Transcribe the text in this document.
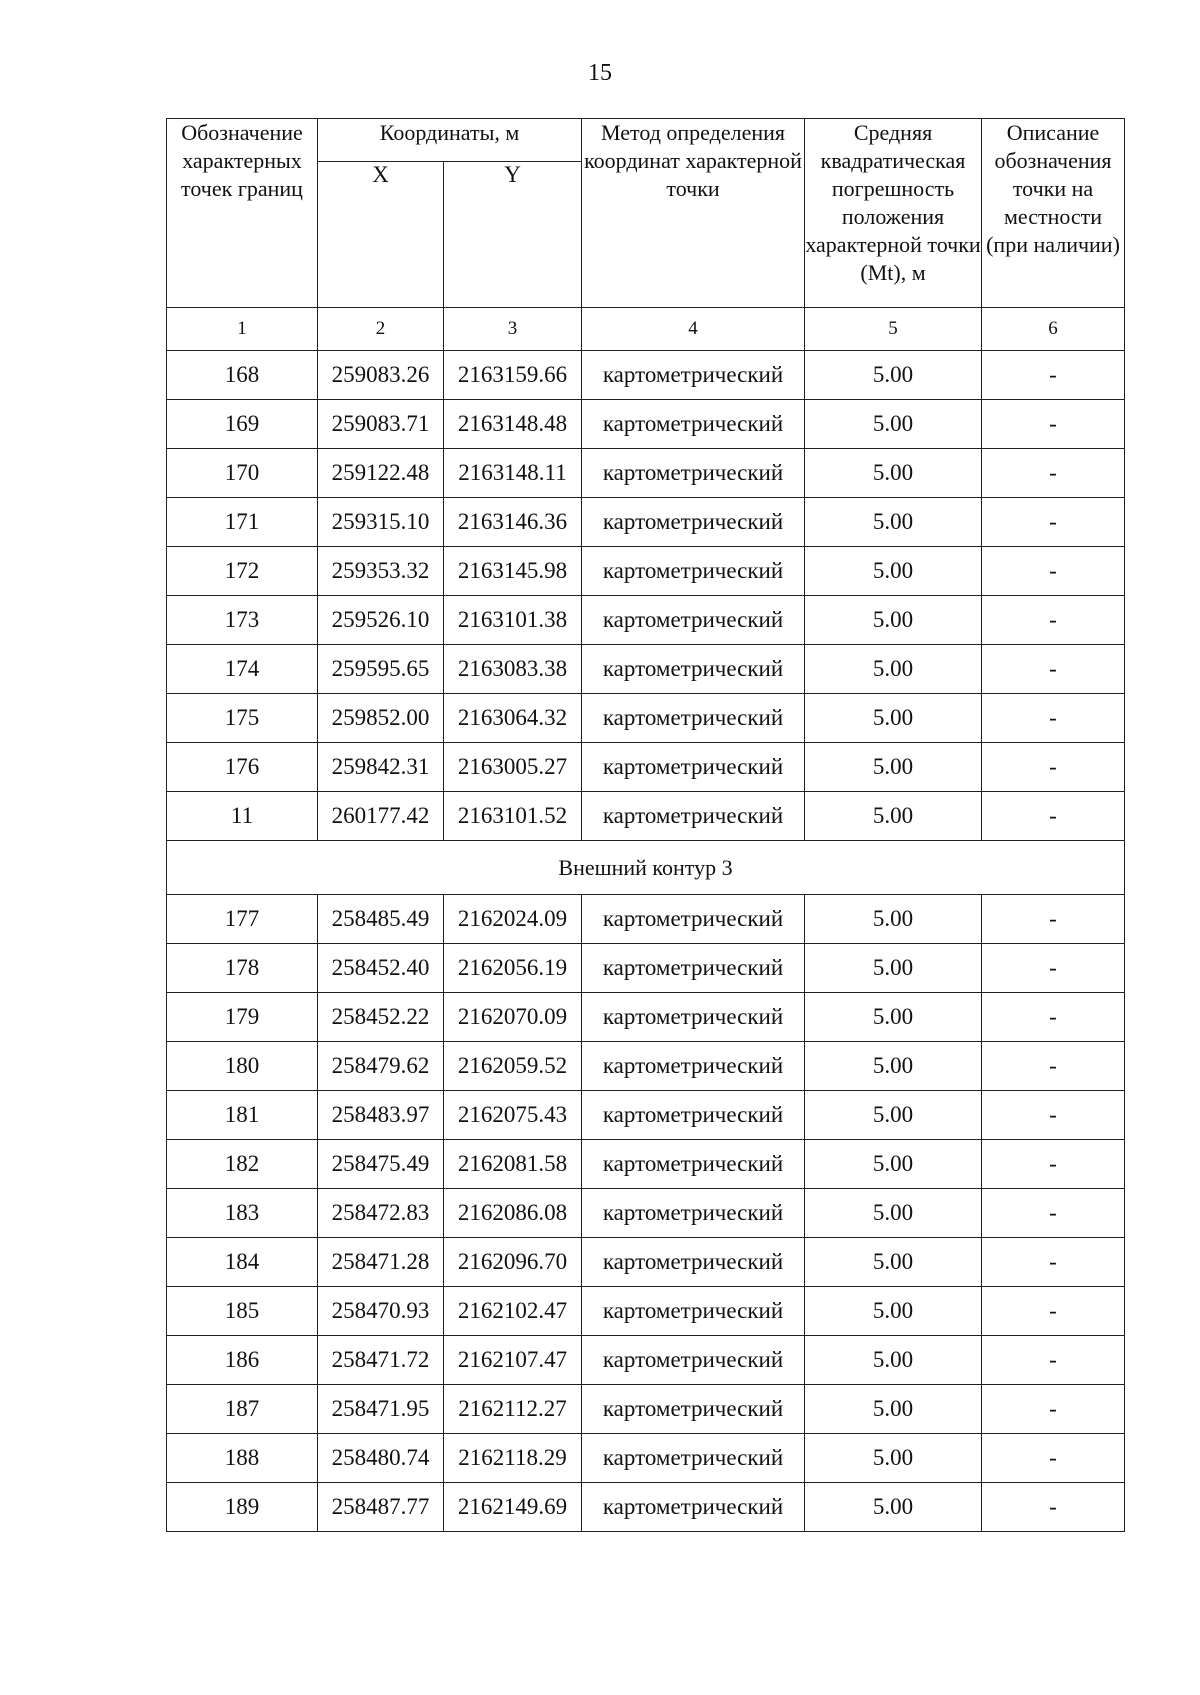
15
Обозначение характерных точек границ	Координаты, м		Метод определения координат характерной точки	Средняя квадратическая погрешность положения характерной точки (Mt), м	Описание обозначения точки на местности (при наличии)
	X	Y			
1	2	3	4	5	6
168	259083.26	2163159.66	картометрический	5.00	-
169	259083.71	2163148.48	картометрический	5.00	-
170	259122.48	2163148.11	картометрический	5.00	-
171	259315.10	2163146.36	картометрический	5.00	-
172	259353.32	2163145.98	картометрический	5.00	-
173	259526.10	2163101.38	картометрический	5.00	-
174	259595.65	2163083.38	картометрический	5.00	-
175	259852.00	2163064.32	картометрический	5.00	-
176	259842.31	2163005.27	картометрический	5.00	-
11	260177.42	2163101.52	картометрический	5.00	-
Внешний контур 3					
177	258485.49	2162024.09	картометрический	5.00	-
178	258452.40	2162056.19	картометрический	5.00	-
179	258452.22	2162070.09	картометрический	5.00	-
180	258479.62	2162059.52	картометрический	5.00	-
181	258483.97	2162075.43	картометрический	5.00	-
182	258475.49	2162081.58	картометрический	5.00	-
183	258472.83	2162086.08	картометрический	5.00	-
184	258471.28	2162096.70	картометрический	5.00	-
185	258470.93	2162102.47	картометрический	5.00	-
186	258471.72	2162107.47	картометрический	5.00	-
187	258471.95	2162112.27	картометрический	5.00	-
188	258480.74	2162118.29	картометрический	5.00	-
189	258487.77	2162149.69	картометрический	5.00	-
